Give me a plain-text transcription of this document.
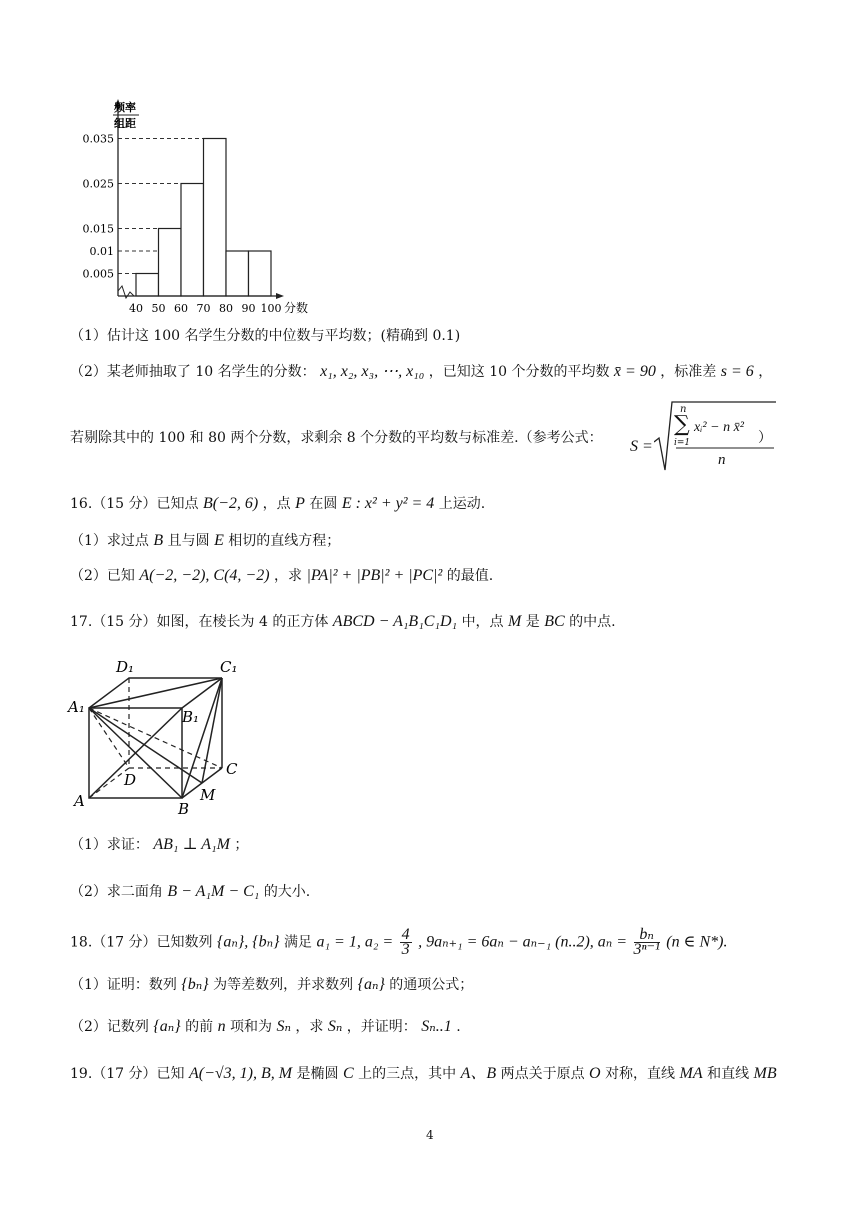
0.035
0.025
0.015
0.01
0.005
40 50 60 70 80 90 100
频率
组距
分数
（1）估计这 100 名学生分数的中位数与平均数；(精确到 0.1)
（2）某老师抽取了 10 名学生的分数： x₁, x₂, x₃, ⋯, x₁₀ ，已知这 10 个分数的平均数 x̄ = 90 ，标准差 s = 6 ，
若剔除其中的 100 和 80 两个分数，求剩余 8 个分数的平均数与标准差.（参考公式： S =
n
∑
i=1
xᵢ² − n x̄²
n
）
16.（15 分）已知点 B(−2, 6) ，点 P 在圆 E : x² + y² = 4 上运动.
（1）求过点 B 且与圆 E 相切的直线方程；
（2）已知 A(−2, −2), C(4, −2) ，求 |PA|² + |PB|² + |PC|² 的最值.
17.（15 分）如图，在棱长为 4 的正方体 ABCD − A₁B₁C₁D₁ 中，点 M 是 BC 的中点.
D₁	C₁
A₁
B₁
D
C
A	B
M
（1）求证： AB₁ ⊥ A₁M ；
（2）求二面角 B − A₁M − C₁ 的大小.
18.（17 分）已知数列 {aₙ}, {bₙ} 满足 a₁ = 1, $a_2 = \frac{4}{3}$ , 9aₙ₊₁ = 6aₙ − aₙ₋₁ (n..2), $a_n = \frac{\text{bₙ}}{\text{3ⁿ⁻¹}} (n$ ∈ N*).
（1）证明：数列 {bₙ} 为等差数列，并求数列 {aₙ} 的通项公式；
（2）记数列 {aₙ} 的前 n 项和为 Sₙ ，求 Sₙ ，并证明： Sₙ..1 .
19.（17 分）已知 A(−√3, 1), B, M 是椭圆 C 上的三点，其中 A、B 两点关于原点 O 对称，直线 MA 和直线 MB
4
